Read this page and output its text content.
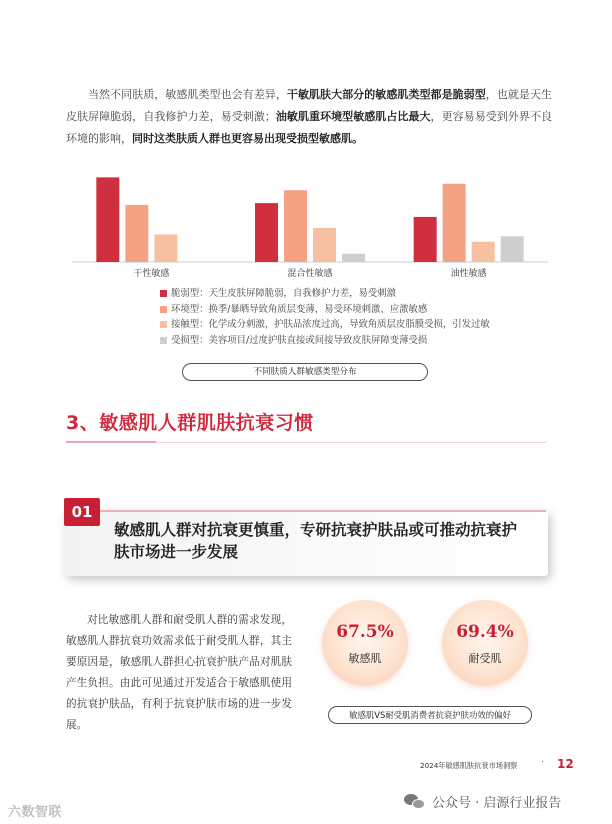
当然不同肤质，敏感肌类型也会有差异，干敏肌肤大部分的敏感肌类型都是脆弱型，也就是天生皮肤屏障脆弱，自我修护力差，易受刺激；油敏肌重环境型敏感肌占比最大，更容易易受到外界不良环境的影响，同时这类肤质人群也更容易出现受损型敏感肌。

干性敏感	混合性敏感	油性敏感
脆弱型：天生皮肤屏障脆弱，自我修护力差，易受刺激
环境型：换季/暴晒导致角质层变薄，易受环境刺激、应激敏感
接触型：化学成分刺激，护肤品浓度过高，导致角质层皮脂膜受损，引发过敏
受损型：美容项目/过度护肤直接或间接导致皮肤屏障变薄受损
不同肤质人群敏感类型分布
3、敏感肌人群肌肤抗衰习惯
01
敏感肌人群对抗衰更慎重，专研抗衰护肤品或可推动抗衰护肤市场进一步发展

对比敏感肌人群和耐受肌人群的需求发现，敏感肌人群抗衰功效需求低于耐受肌人群，其主要原因是，敏感肌人群担心抗衰护肤产品对肌肤产生负担。由此可见通过开发适合于敏感肌使用的抗衰护肤品，有利于抗衰护肤市场的进一步发展。

67.5%
敏感肌
69.4%
耐受肌
敏感肌VS耐受肌消费者抗衰护肤功效的偏好
2024年敏感肌肤抗衰市场洞察 · 12
六数智联
公众号 · 启源行业报告
